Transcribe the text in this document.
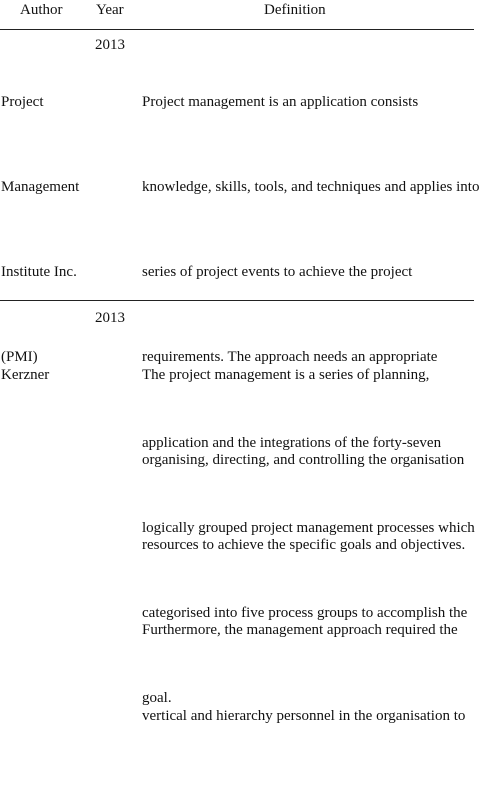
Author Year	Definition

Project

Management

Institute Inc.

(PMI)

2013

Project management is an application consists

knowledge, skills, tools, and techniques and applies into

series of project events to achieve the project

requirements. The approach needs an appropriate

application and the integrations of the forty-seven

logically grouped project management processes which

categorised into five process groups to accomplish the

goal.

Kerzner

2013

The project management is a series of planning,

organising, directing, and controlling the organisation

resources to achieve the specific goals and objectives.

Furthermore, the management approach required the

vertical and hierarchy personnel in the organisation to
